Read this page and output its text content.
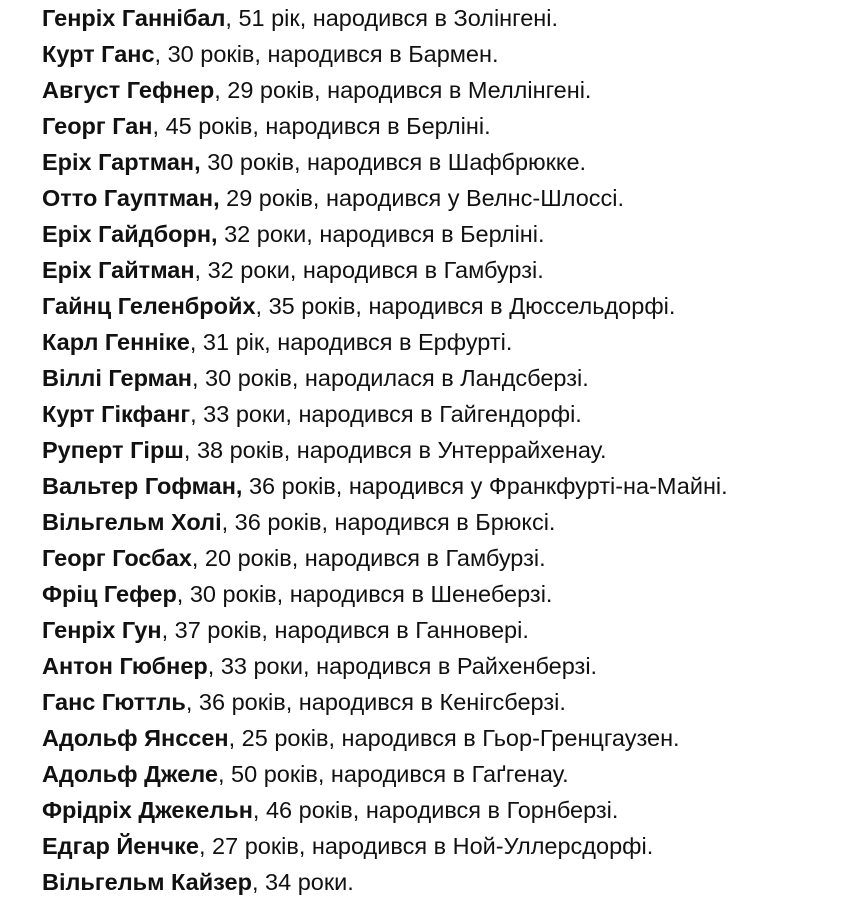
Генріх Ганнібал, 51 рік, народився в Золінгені.
Курт Ганс, 30 років, народився в Бармен.
Август Гефнер, 29 років, народився в Меллінгені.
Георг Ган, 45 років, народився в Берліні.
Еріх Гартман, 30 років, народився в Шафбрюкке.
Отто Гауптман, 29 років, народився у Велнс-Шлоссі.
Еріх Гайдборн, 32 роки, народився в Берліні.
Еріх Гайтман, 32 роки, народився в Гамбурзі.
Гайнц Геленбройх, 35 років, народився в Дюссельдорфі.
Карл Генніке, 31 рік, народився в Ерфурті.
Віллі Герман, 30 років, народилася в Ландсберзі.
Курт Гікфанг, 33 роки, народився в Гайгендорфі.
Руперт Гірш, 38 років, народився в Унтеррайхенау.
Вальтер Гофман, 36 років, народився у Франкфурті-на-Майні.
Вільгельм Холі, 36 років, народився в Брюксі.
Георг Госбах, 20 років, народився в Гамбурзі.
Фріц Гефер, 30 років, народився в Шенеберзі.
Генріх Гун, 37 років, народився в Ганновері.
Антон Гюбнер, 33 роки, народився в Райхенберзі.
Ганс Гюттль, 36 років, народився в Кенігсберзі.
Адольф Янссен, 25 років, народився в Гьор-Гренцгаузен.
Адольф Джеле, 50 років, народився в Гаґгенау.
Фрідріх Джекельн, 46 років, народився в Горнберзі.
Едгар Йенчке, 27 років, народився в Ной-Уллерсдорфі.
Вільгельм Кайзер, 34 роки.
